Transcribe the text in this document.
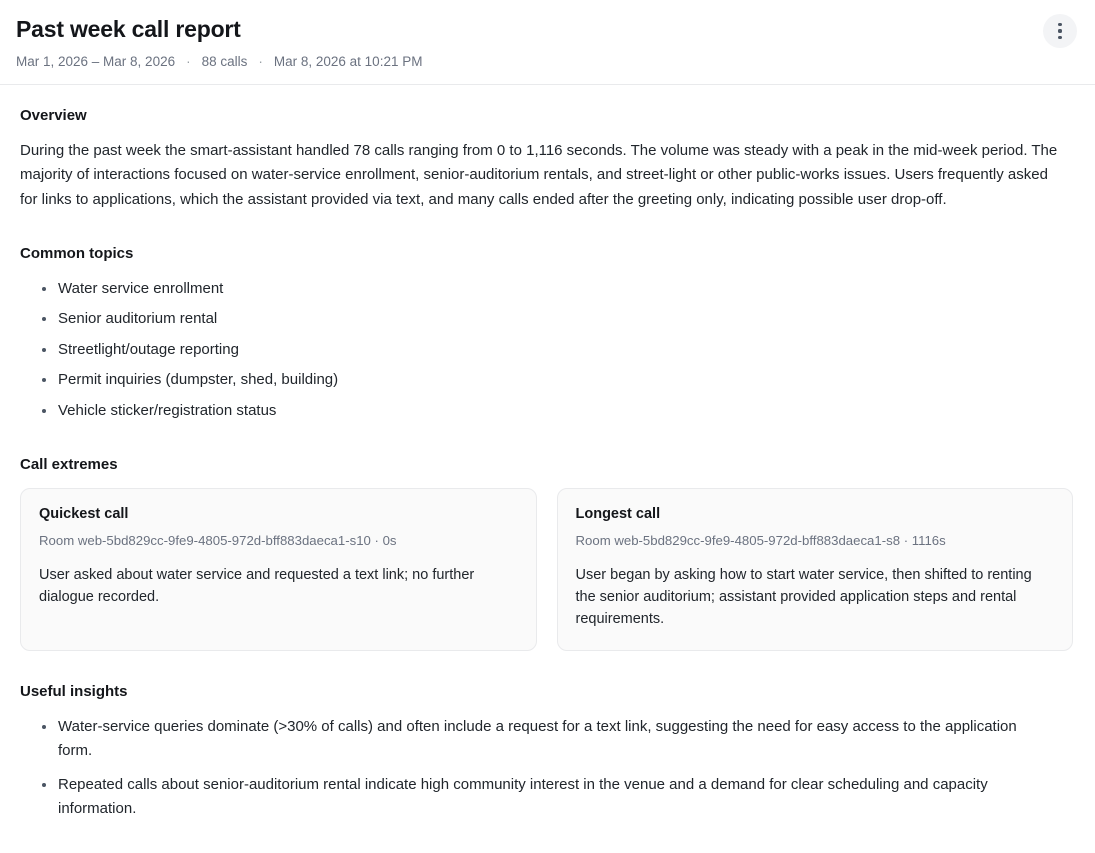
Past week call report
Mar 1, 2026 – Mar 8, 2026 · 88 calls · Mar 8, 2026 at 10:21 PM
Overview

During the past week the smart-assistant handled 78 calls ranging from 0 to 1,116 seconds. The volume was steady with a peak in the mid-week period. The majority of interactions focused on water-service enrollment, senior-auditorium rentals, and street-light or other public-works issues. Users frequently asked for links to applications, which the assistant provided via text, and many calls ended after the greeting only, indicating possible user drop-off.

Common topics
Water service enrollment
Senior auditorium rental
Streetlight/outage reporting
Permit inquiries (dumpster, shed, building)
Vehicle sticker/registration status
Call extremes
Quickest call

Room web-5bd829cc-9fe9-4805-972d-bff883daeca1-s10 · 0s

User asked about water service and requested a text link; no further dialogue recorded.

Longest call

Room web-5bd829cc-9fe9-4805-972d-bff883daeca1-s8 · 1116s

User began by asking how to start water service, then shifted to renting the senior auditorium; assistant provided application steps and rental requirements.

Useful insights
Water-service queries dominate (>30% of calls) and often include a request for a text link, suggesting the need for easy access to the application form.
Repeated calls about senior-auditorium rental indicate high community interest in the venue and a demand for clear scheduling and capacity information.
